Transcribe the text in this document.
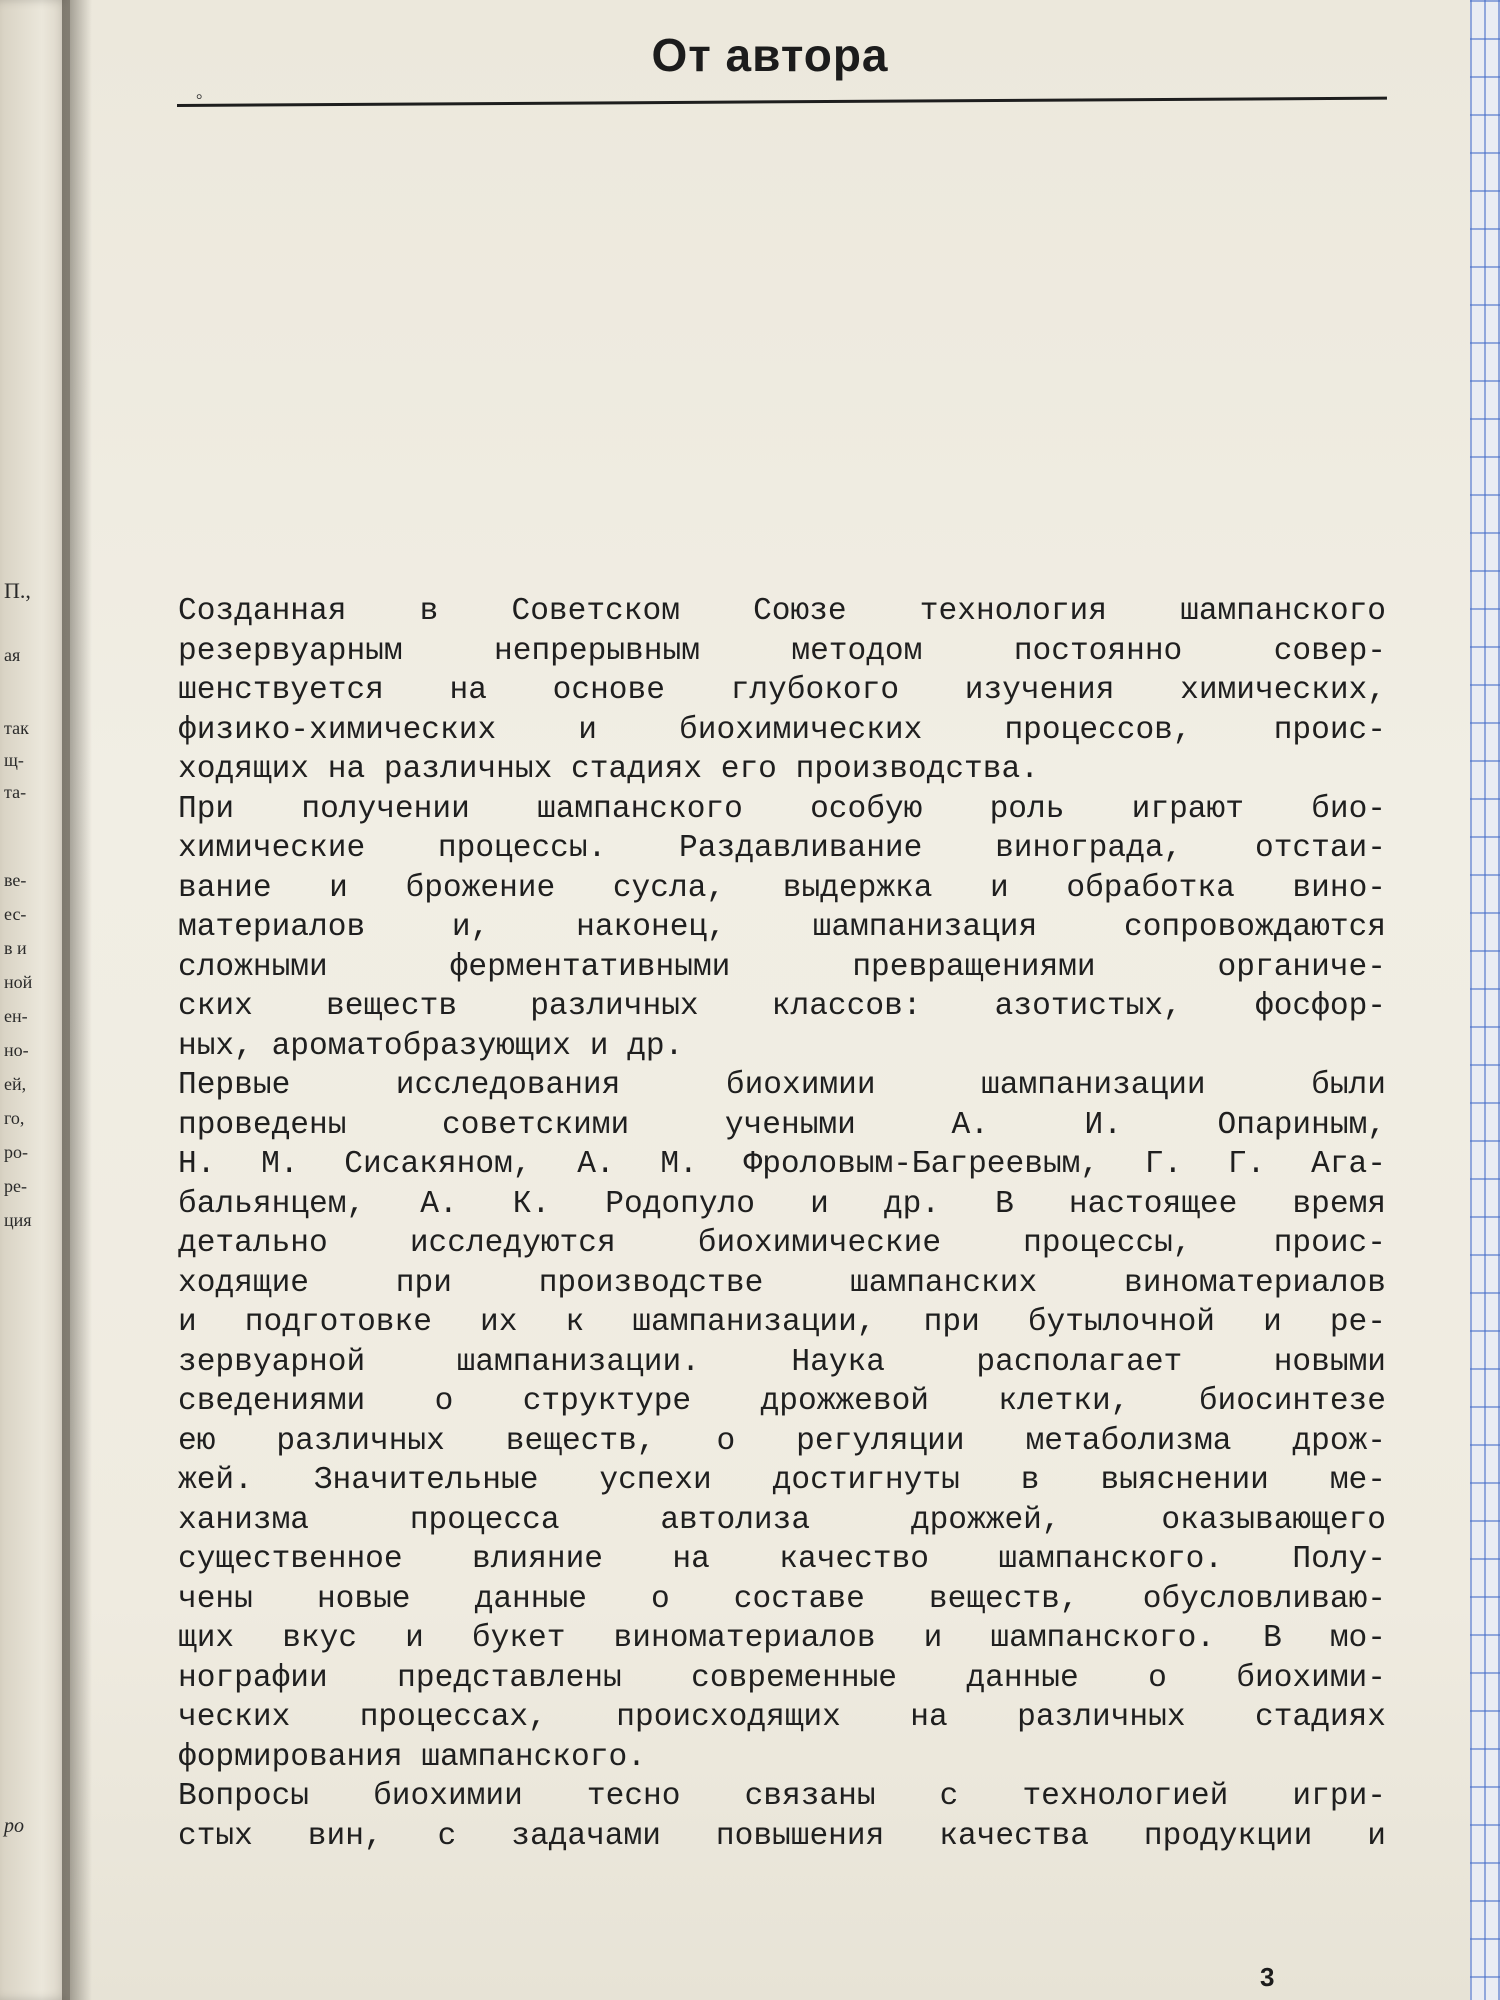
П.,
ая
так
щ-
та-
ве-
ес-
в и
ной
ен-
но-
ей,
го,
ро-
ре-
ция
ро
От автора
°
Созданная в Советском Союзе технология шампанского
резервуарным непрерывным методом постоянно совер-
шенствуется на основе глубокого изучения химических,
физико-химических и биохимических процессов, проис-
ходящих на различных стадиях его производства.
При получении шампанского особую роль играют био-
химические процессы. Раздавливание винограда, отстаи-
вание и брожение сусла, выдержка и обработка вино-
материалов и, наконец, шампанизация сопровождаются
сложными ферментативными превращениями органиче-
ских веществ различных классов: азотистых, фосфор-
ных, ароматобразующих и др.
Первые исследования биохимии шампанизации были
проведены советскими учеными А. И. Опариным,
Н. М. Сисакяном, А. М. Фроловым-Багреевым, Г. Г. Ага-
бальянцем, А. К. Родопуло и др. В настоящее время
детально исследуются биохимические процессы, проис-
ходящие при производстве шампанских виноматериалов
и подготовке их к шампанизации, при бутылочной и ре-
зервуарной шампанизации. Наука располагает новыми
сведениями о структуре дрожжевой клетки, биосинтезе
ею различных веществ, о регуляции метаболизма дрож-
жей. Значительные успехи достигнуты в выяснении ме-
ханизма процесса автолиза дрожжей, оказывающего
существенное влияние на качество шампанского. Полу-
чены новые данные о составе веществ, обусловливаю-
щих вкус и букет виноматериалов и шампанского. В мо-
нографии представлены современные данные о биохими-
ческих процессах, происходящих на различных стадиях
формирования шампанского.
Вопросы биохимии тесно связаны с технологией игри-
стых вин, с задачами повышения качества продукции и
3
